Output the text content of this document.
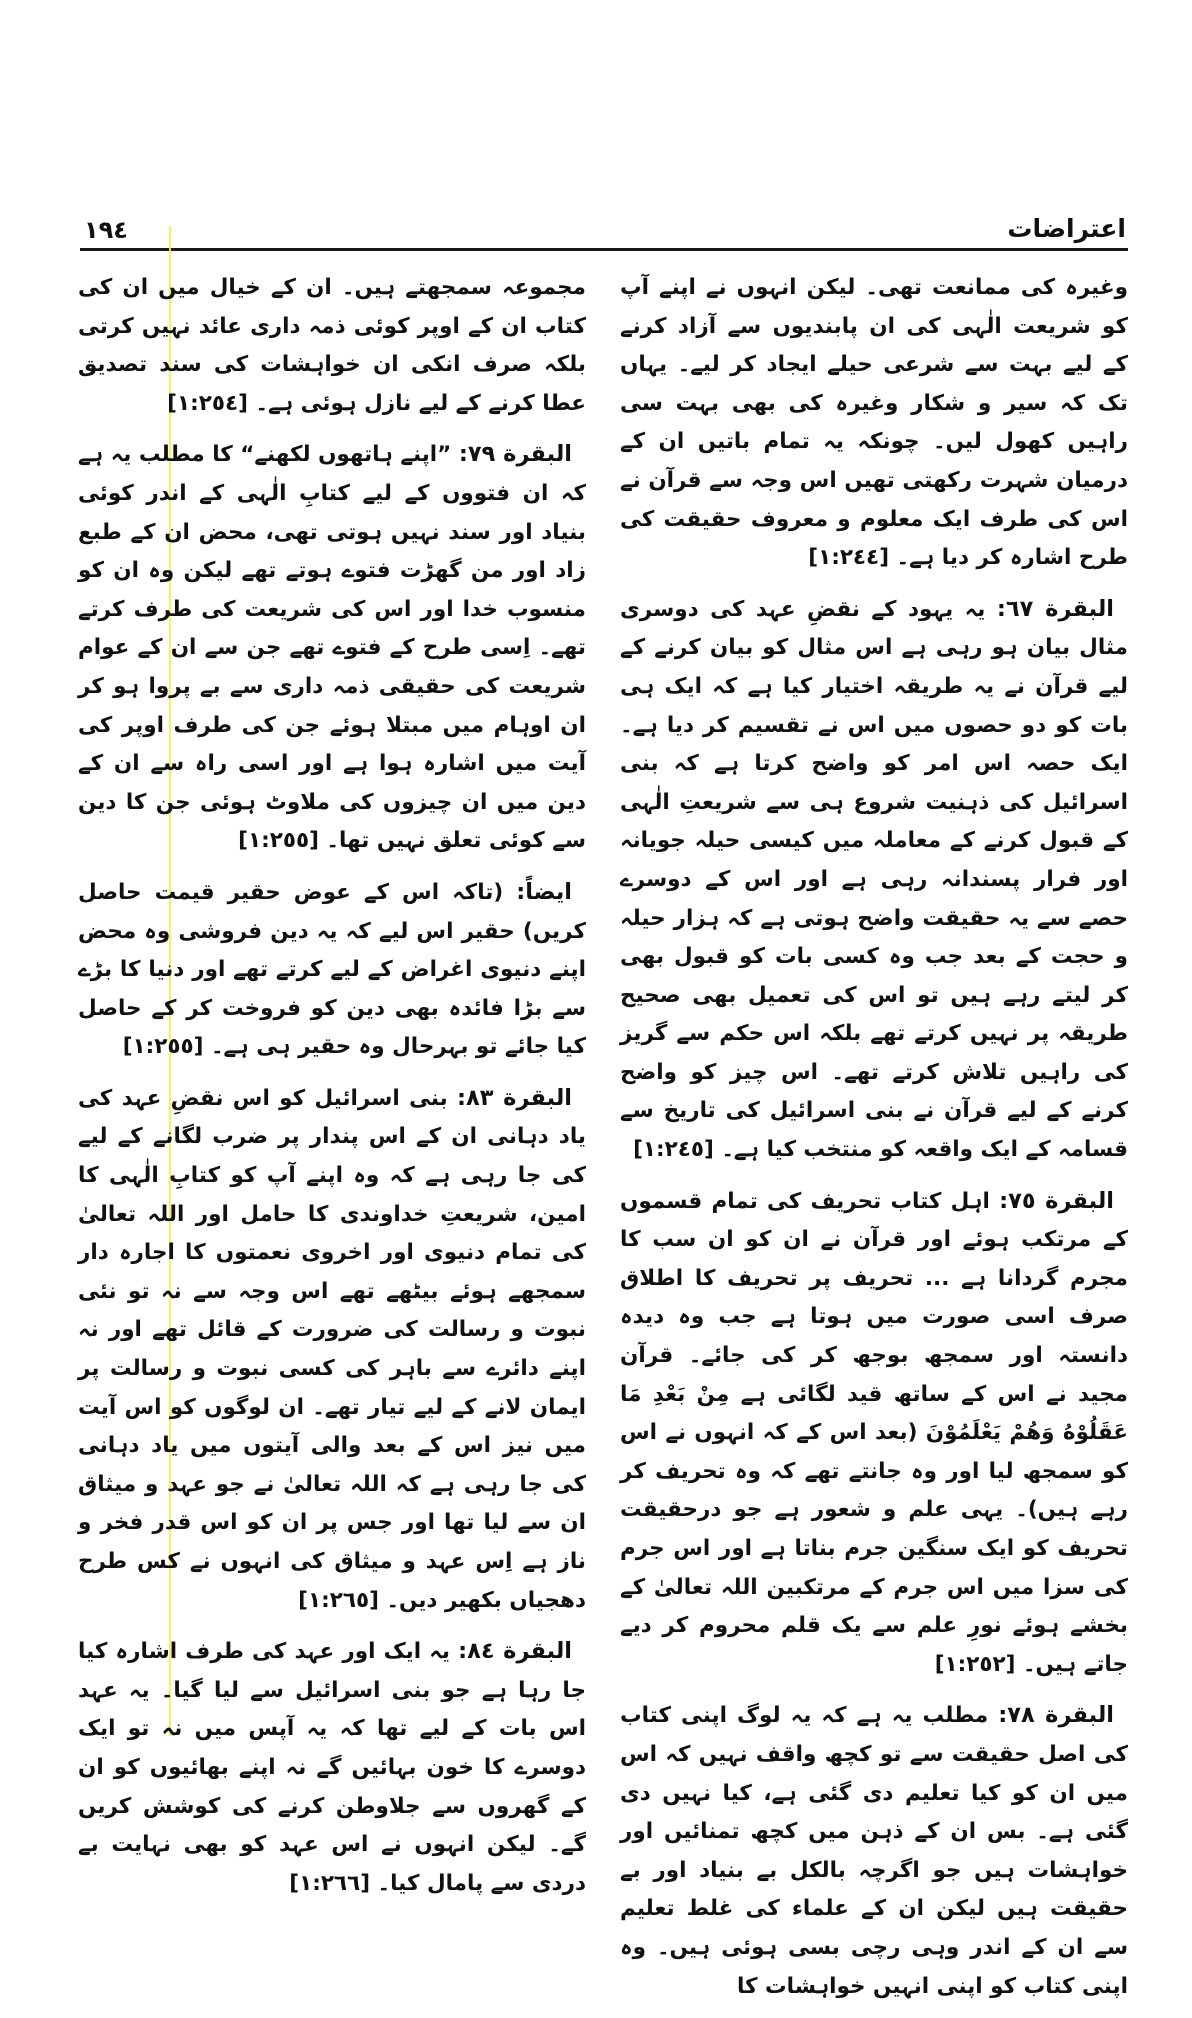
١٩٤	اعتراضات

وغیرہ کی ممانعت تھی۔ لیکن انہوں نے اپنے آپ کو شریعت الٰہی کی ان پابندیوں سے آزاد کرنے کے لیے بہت سے شرعی حیلے ایجاد کر لیے۔ یہاں تک کہ سیر و شکار وغیرہ کی بھی بہت سی راہیں کھول لیں۔ چونکہ یہ تمام باتیں ان کے درمیان شہرت رکھتی تھیں اس وجہ سے قرآن نے اس کی طرف ایک معلوم و معروف حقیقت کی طرح اشارہ کر دیا ہے۔ [١:٢٤٤]

البقرة ٦٧: یہ یہود کے نقضِ عہد کی دوسری مثال بیان ہو رہی ہے اس مثال کو بیان کرنے کے لیے قرآن نے یہ طریقہ اختیار کیا ہے کہ ایک ہی بات کو دو حصوں میں اس نے تقسیم کر دیا ہے۔ ایک حصہ اس امر کو واضح کرتا ہے کہ بنی اسرائیل کی ذہنیت شروع ہی سے شریعتِ الٰہی کے قبول کرنے کے معاملہ میں کیسی حیلہ جویانہ اور فرار پسندانہ رہی ہے اور اس کے دوسرے حصے سے یہ حقیقت واضح ہوتی ہے کہ ہزار حیلہ و حجت کے بعد جب وہ کسی بات کو قبول بھی کر لیتے رہے ہیں تو اس کی تعمیل بھی صحیح طریقہ پر نہیں کرتے تھے بلکہ اس حکم سے گریز کی راہیں تلاش کرتے تھے۔ اس چیز کو واضح کرنے کے لیے قرآن نے بنی اسرائیل کی تاریخ سے قسامہ کے ایک واقعہ کو منتخب کیا ہے۔ [١:٢٤٥]

البقرة ٧٥: اہل کتاب تحریف کی تمام قسموں کے مرتکب ہوئے اور قرآن نے ان کو ان سب کا مجرم گردانا ہے ... تحریف پر تحریف کا اطلاق صرف اسی صورت میں ہوتا ہے جب وہ دیدہ دانستہ اور سمجھ بوجھ کر کی جائے۔ قرآن مجید نے اس کے ساتھ قید لگائی ہے مِنْ بَعْدِ مَا عَقَلُوْهُ وَهُمْ يَعْلَمُوْنَ (بعد اس کے کہ انہوں نے اس کو سمجھ لیا اور وہ جانتے تھے کہ وہ تحریف کر رہے ہیں)۔ یہی علم و شعور ہے جو درحقیقت تحریف کو ایک سنگین جرم بناتا ہے اور اس جرم کی سزا میں اس جرم کے مرتکبین اللہ تعالیٰ کے بخشے ہوئے نورِ علم سے یک قلم محروم کر دیے جاتے ہیں۔ [١:٢٥٢]

البقرة ٧٨: مطلب یہ ہے کہ یہ لوگ اپنی کتاب کی اصل حقیقت سے تو کچھ واقف نہیں کہ اس میں ان کو کیا تعلیم دی گئی ہے، کیا نہیں دی گئی ہے۔ بس ان کے ذہن میں کچھ تمنائیں اور خواہشات ہیں جو اگرچہ بالکل بے بنیاد اور بے حقیقت ہیں لیکن ان کے علماء کی غلط تعلیم سے ان کے اندر وہی رچی بسی ہوئی ہیں۔ وہ اپنی کتاب کو اپنی انہیں خواہشات کا

مجموعہ سمجھتے ہیں۔ ان کے خیال میں ان کی کتاب ان کے اوپر کوئی ذمہ داری عائد نہیں کرتی بلکہ صرف انکی ان خواہشات کی سند تصدیق عطا کرنے کے لیے نازل ہوئی ہے۔ [١:٢٥٤]

البقرة ٧٩: ”اپنے ہاتھوں لکھنے“ کا مطلب یہ ہے کہ ان فتووں کے لیے کتابِ الٰہی کے اندر کوئی بنیاد اور سند نہیں ہوتی تھی، محض ان کے طبع زاد اور من گھڑت فتوے ہوتے تھے لیکن وہ ان کو منسوب خدا اور اس کی شریعت کی طرف کرتے تھے۔ اِسی طرح کے فتوے تھے جن سے ان کے عوام شریعت کی حقیقی ذمہ داری سے بے پروا ہو کر ان اوہام میں مبتلا ہوئے جن کی طرف اوپر کی آیت میں اشارہ ہوا ہے اور اسی راہ سے ان کے دین میں ان چیزوں کی ملاوٹ ہوئی جن کا دین سے کوئی تعلق نہیں تھا۔ [١:٢٥٥]

ایضاً: (تاکہ اس کے عوض حقیر قیمت حاصل کریں) حقیر اس لیے کہ یہ دین فروشی وہ محض اپنے دنیوی اغراض کے لیے کرتے تھے اور دنیا کا بڑے سے بڑا فائدہ بھی دین کو فروخت کر کے حاصل کیا جائے تو بہرحال وہ حقیر ہی ہے۔ [١:٢٥٥]

البقرة ٨٣: بنی اسرائیل کو اس نقضِ عہد کی یاد دہانی ان کے اس پندار پر ضرب لگانے کے لیے کی جا رہی ہے کہ وہ اپنے آپ کو کتابِ الٰہی کا امین، شریعتِ خداوندی کا حامل اور اللہ تعالیٰ کی تمام دنیوی اور اخروی نعمتوں کا اجارہ دار سمجھے ہوئے بیٹھے تھے اس وجہ سے نہ تو نئی نبوت و رسالت کی ضرورت کے قائل تھے اور نہ اپنے دائرے سے باہر کی کسی نبوت و رسالت پر ایمان لانے کے لیے تیار تھے۔ ان لوگوں کو اس آیت میں نیز اس کے بعد والی آیتوں میں یاد دہانی کی جا رہی ہے کہ اللہ تعالیٰ نے جو عہد و میثاق ان سے لیا تھا اور جس پر ان کو اس قدر فخر و ناز ہے اِس عہد و میثاق کی انہوں نے کس طرح دھجیاں بکھیر دیں۔ [١:٢٦٥]

البقرة ٨٤: یہ ایک اور عہد کی طرف اشارہ کیا جا رہا ہے جو بنی اسرائیل سے لیا گیا۔ یہ عہد اس بات کے لیے تھا کہ یہ آپس میں نہ تو ایک دوسرے کا خون بہائیں گے نہ اپنے بھائیوں کو ان کے گھروں سے جلاوطن کرنے کی کوشش کریں گے۔ لیکن انہوں نے اس عہد کو بھی نہایت بے دردی سے پامال کیا۔ [١:٢٦٦]
